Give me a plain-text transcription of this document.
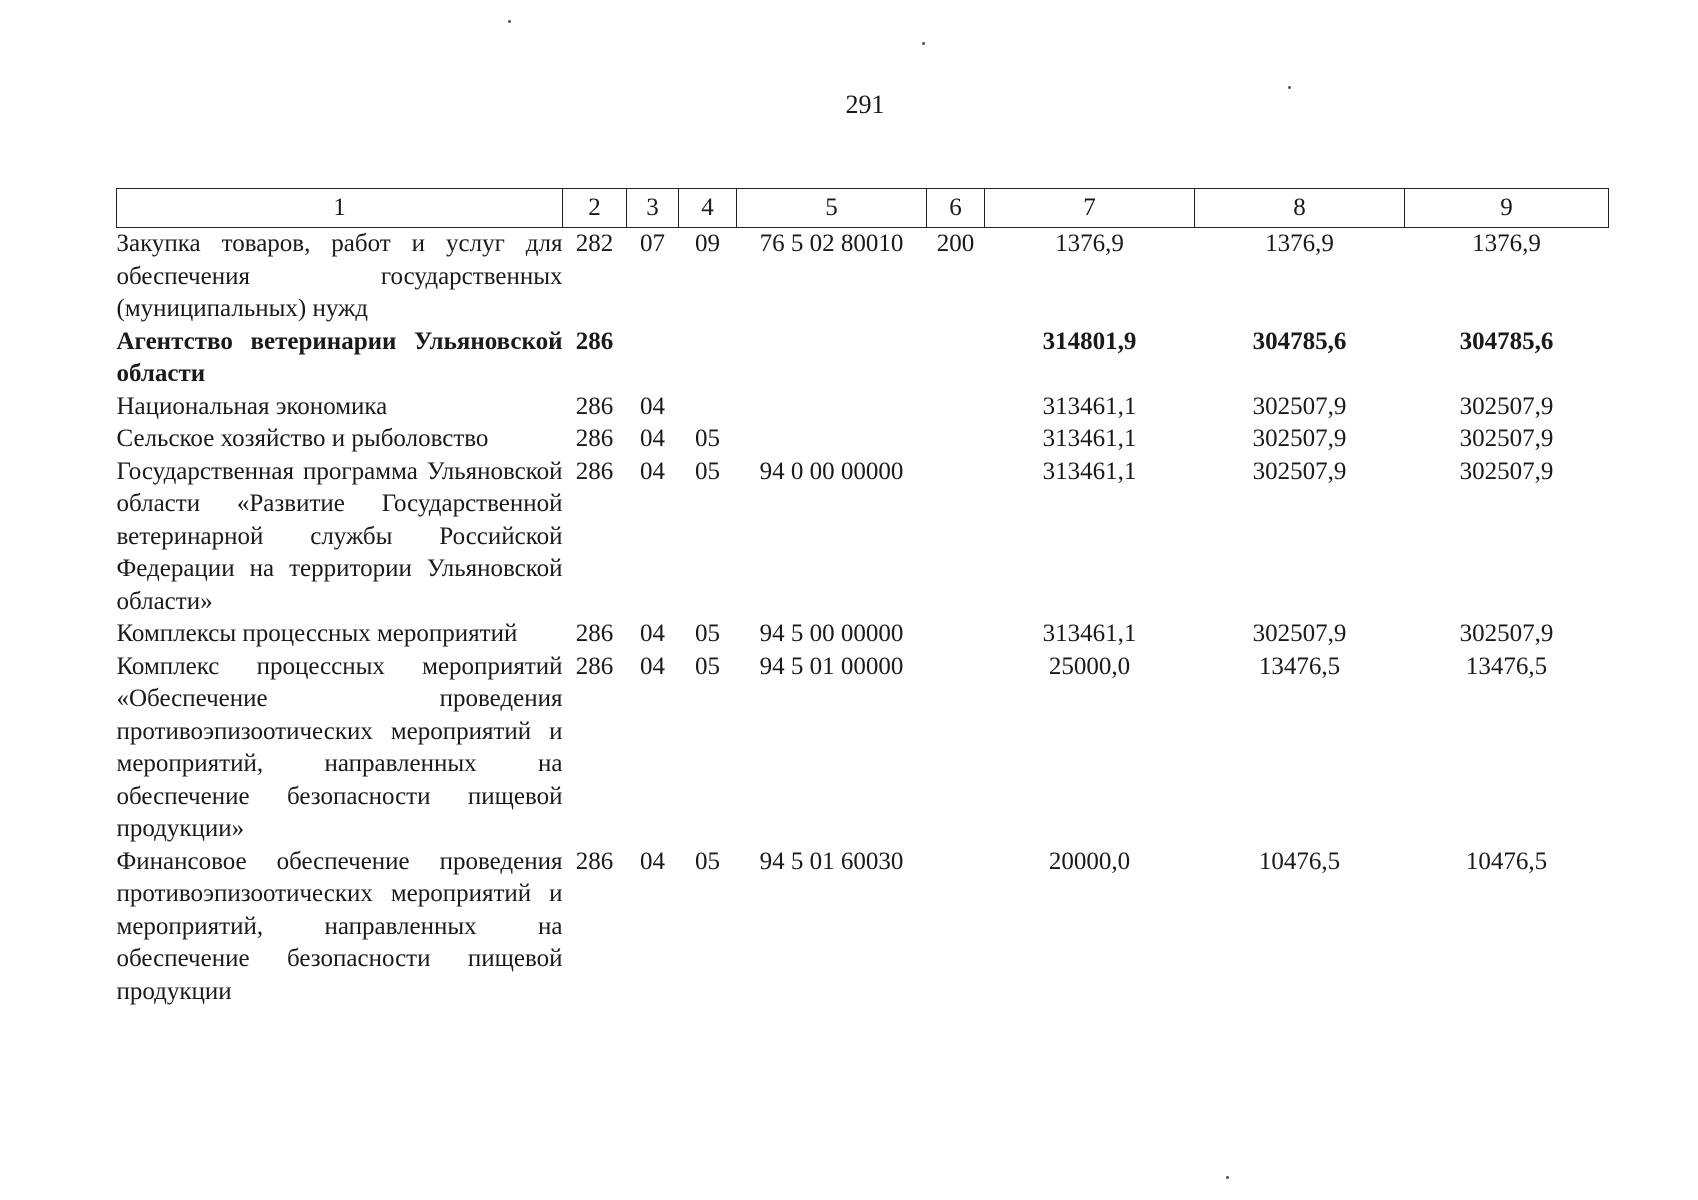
291
1	2	3	4	5	6	7	8	9
Закупка товаров, работ и услуг для обеспечения государственных (муниципальных) нужд	282	07	09	76 5 02 80010	200	1376,9	1376,9	1376,9
Агентство ветеринарии Ульяновской области	286					314801,9	304785,6	304785,6
Национальная экономика	286	04				313461,1	302507,9	302507,9
Сельское хозяйство и рыболовство	286	04	05			313461,1	302507,9	302507,9
Государственная программа Ульяновской области «Развитие Государственной ветеринарной службы Российской Федерации на территории Ульяновской области»	286	04	05	94 0 00 00000		313461,1	302507,9	302507,9
Комплексы процессных мероприятий	286	04	05	94 5 00 00000		313461,1	302507,9	302507,9
Комплекс процессных мероприятий «Обеспечение проведения противоэпизоотических мероприятий и мероприятий, направленных на обеспечение безопасности пищевой продукции»	286	04	05	94 5 01 00000		25000,0	13476,5	13476,5
Финансовое обеспечение проведения противоэпизоотических мероприятий и мероприятий, направленных на обеспечение безопасности пищевой продукции	286	04	05	94 5 01 60030		20000,0	10476,5	10476,5
